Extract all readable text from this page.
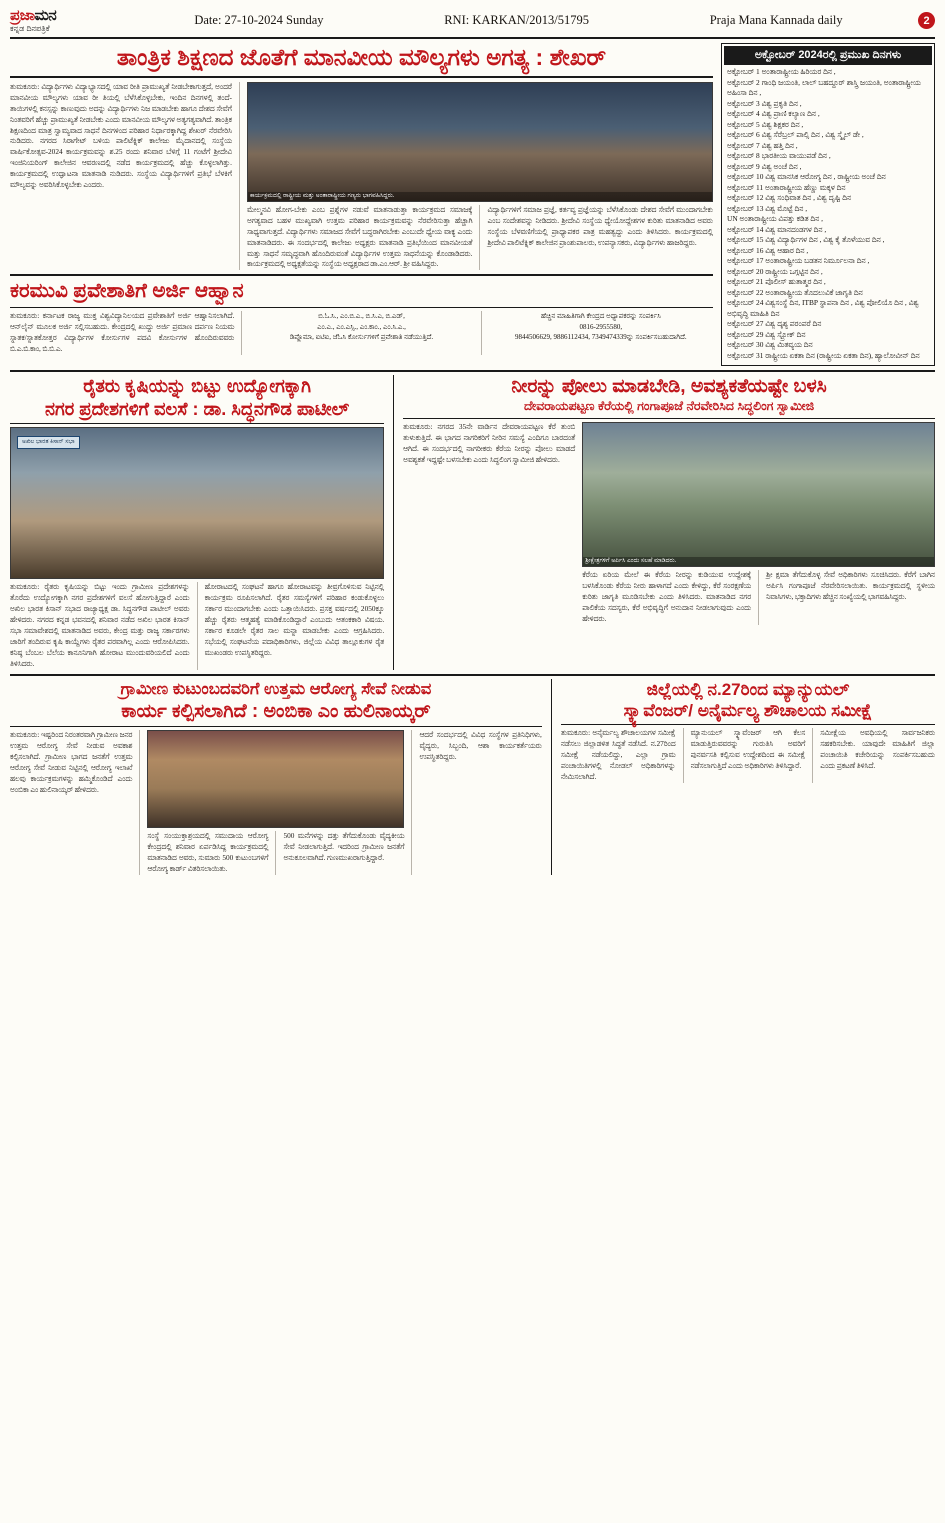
ಪ್ರಜಾಮನ
ಕನ್ನಡ ದಿನಪತ್ರಿಕೆ
Date: 27-10-2024 Sunday	RNI: KARKAN/2013/51795	Praja Mana Kannada daily	2
ತಾಂತ್ರಿಕ ಶಿಕ್ಷಣದ ಜೊತೆಗೆ ಮಾನವೀಯ ಮೌಲ್ಯಗಳು ಅಗತ್ಯ : ಶೇಖರ್
ತುಮಕೂರು: ವಿದ್ಯಾರ್ಥಿಗಳು ವಿದ್ಯಾಭ್ಯಾಸದಲ್ಲಿ ಯಾವ ರೀತಿ ಪ್ರಾಮುಖ್ಯತೆ ನೀಡಬೇಕಾಗುತ್ತದೆ, ಅಂದರೆ ಮಾನವೀಯ ಮೌಲ್ಯಗಳು ಯಾವ ರೀ ತಿಯಲ್ಲಿ ಬೆಳೆಸಿಕೊಳ್ಳಬೇಕು, ಇಂದಿನ ದಿನಗಳಲ್ಲಿ ತಂದೆ- ತಾಯಿಗಳಲ್ಲಿ ಕನಸ್ಸನ್ನು ಕಾಣುವುದು ಅದನ್ನು ವಿದ್ಯಾರ್ಥಿಗಳು ನಿಜ ಮಾಡಬೇಕು ಹಾಗೂ ದೇಶದ ಸೇವೆಗೆ ನಿಂತವರಿಗೆ ಹೆಚ್ಚು ಪ್ರಾಮುಖ್ಯತೆ ನೀಡಬೇಕು ಎಂದು ಮಾನವೀಯ ಮೌಲ್ಯಗಳ ಅತ್ಯಗತ್ಯವಾಗಿದೆ. ತಾಂತ್ರಿಕ ಶಿಕ್ಷಣದಿಂದ ಮಾತ್ರ ಸ್ವಾಮ್ಯವಾದ ಸಾಧನೆ ದಿನಗಳಿಂದ ಪರಿಹಾರ ನಿರ್ಧಾರಕ್ಕಾಗಿದ್ದ ಶೇಖರ್ ನೆರವೇರಿಸಿ ನುಡಿದರು. ನಗರದ ಸಿರಾಗೇಟ್ ಬಳಿಯ ಪಾಲಿಟೆಕ್ನಿಕ್ ಕಾಲೇಜು ಮೈದಾನದಲ್ಲಿ ಸಂಸ್ಥೆಯ ವಾರ್ಷಿಕೋತ್ಸವ-2024 ಕಾರ್ಯಕ್ರಮವನ್ನು ಶ.25 ರಂದು ಶನಿವಾರ ಬೆಳಿಗ್ಗೆ 11 ಗಂಟೆಗೆ ಶ್ರೀದೇವಿ ಇಂಜಿನಿಯರಿಂಗ್ ಕಾಲೇಜಿನ ಆವರಣದಲ್ಲಿ ನಡೆದ ಕಾರ್ಯಕ್ರಮದಲ್ಲಿ ಹೆಚ್ಚು ಕೊಳ್ಳಲಾಗಿತ್ತು. ಕಾರ್ಯಕ್ರಮದಲ್ಲಿ ಉದ್ಘಾಟನಾ ಮಾತನಾಡಿ ನುಡಿದರು. ಸಂಸ್ಥೆಯ ವಿದ್ಯಾರ್ಥಿಗಳಿಗೆ ಪ್ರತಿಭೆ ಬೆಳಕಿಗೆ ಮೌಲ್ಯವನ್ನು ಅವರಿಸಿಕೊಳ್ಳಬೇಕು ಎಂದರು.
ಕಾರ್ಯಕ್ರಮದಲ್ಲಿ ರಾಷ್ಟ್ರೀಯ ಮತ್ತು ಅಂತಾರಾಷ್ಟ್ರೀಯ ಗಣ್ಯರು ಭಾಗವಹಿಸಿದ್ದರು.
ಮೇಲ್ಮನವಿ ಹೋಗ-ಬೇಕು ಎಂಬ ಪ್ರಶ್ನೆಗಳ ನಡುವೆ ಮಾತನಾಡುತ್ತಾ ಕಾರ್ಯಕ್ರಮದ ಸಮಾಜಕ್ಕೆ ಅಗತ್ಯವಾದ ಬಹಳ ಮುಖ್ಯವಾಗಿ ಉತ್ತಮ ಪರಿಹಾರ ಕಾರ್ಯಕ್ರಮವನ್ನು ನೆರವೇರಿಸುತ್ತಾ ಹೆಚ್ಚಾಗಿ ಸಾಧ್ಯವಾಗುತ್ತದೆ. ವಿದ್ಯಾರ್ಥಿಗಳು ಸಮಾಜದ ಸೇವೆಗೆ ಬದ್ಧರಾಗಿರಬೇಕು ಎಂಬುದೇ ಧ್ಯೇಯ ವಾಕ್ಯ ಎಂದು ಮಾತನಾಡಿದರು. ಈ ಸಂದರ್ಭದಲ್ಲಿ ಕಾಲೇಜು ಅಧ್ಯಕ್ಷರು ಮಾತನಾಡಿ ಪ್ರತಿಭೆಯಿಂದ ಮಾನವೀಯತೆ ಮತ್ತು ಸಾಧನೆ ಸಮೃದ್ಧವಾಗಿ ಹೊಂದಿರುವಂತೆ ವಿದ್ಯಾರ್ಥಿಗಳ ಉತ್ತಮ ಸಾಧನೆಯನ್ನು ಕೊಂಡಾಡಿದರು. ಕಾರ್ಯಕ್ರಮದಲ್ಲಿ ಅಧ್ಯಕ್ಷತೆಯನ್ನು ಸಂಸ್ಥೆಯ ಅಧ್ಯಕ್ಷರಾದ ಡಾ.ಎಂ.ಆರ್. ಶ್ರೀ ವಹಿಸಿದ್ದರು.
ವಿದ್ಯಾರ್ಥಿಗಳಿಗೆ ಸಮಾಜ ಪ್ರಜ್ಞೆ, ಕರ್ತವ್ಯ ಪ್ರಜ್ಞೆಯನ್ನು ಬೆಳೆಸಿಕೊಂಡು ದೇಶದ ಸೇವೆಗೆ ಮುಂದಾಗಬೇಕು ಎಂಬ ಸಂದೇಶವನ್ನು ನೀಡಿದರು. ಶ್ರೀದೇವಿ ಸಂಸ್ಥೆಯ ಧ್ಯೇಯೋದ್ದೇಶಗಳ ಕುರಿತು ಮಾತನಾಡಿದ ಅವರು ಸಂಸ್ಥೆಯ ಬೆಳವಣಿಗೆಯಲ್ಲಿ ಪ್ರಾಧ್ಯಾಪಕರ ಪಾತ್ರ ಮಹತ್ವದ್ದು ಎಂದು ತಿಳಿಸಿದರು. ಕಾರ್ಯಕ್ರಮದಲ್ಲಿ ಶ್ರೀದೇವಿ ಪಾಲಿಟೆಕ್ನಿಕ್ ಕಾಲೇಜಿನ ಪ್ರಾಂಶುಪಾಲರು, ಉಪನ್ಯಾಸಕರು, ವಿದ್ಯಾರ್ಥಿಗಳು ಹಾಜರಿದ್ದರು.
ಕರಮುವಿ ಪ್ರವೇಶಾತಿಗೆ ಅರ್ಜಿ ಆಹ್ವಾನ
ತುಮಕೂರು: ಕರ್ನಾಟಕ ರಾಜ್ಯ ಮುಕ್ತ ವಿಶ್ವವಿದ್ಯಾನಿಲಯದ ಪ್ರವೇಶಾತಿಗೆ ಅರ್ಜಿ ಆಹ್ವಾನಿಸಲಾಗಿದೆ. ಆನ್‌ಲೈನ್ ಮೂಲಕ ಅರ್ಜಿ ಸಲ್ಲಿಸಬಹುದು. ಕೇಂದ್ರದಲ್ಲಿ ಖುದ್ದು ಅರ್ಜಿ ಪ್ರಮಾಣ ದರ್ಪಣ ನಿಯಮ ಸ್ನಾತಕ/ಸ್ನಾತಕೋತ್ತರ ವಿದ್ಯಾರ್ಥಿಗಳ ಕೋರ್ಸುಗಳ ಪದವಿ ಕೋರ್ಸುಗಳ ಹೊಂದಿರುವವರು ಬಿ.ಎ.ಬಿ.ಕಾಂ, ಬಿ.ಬಿ.ಎ.
ಬಿ.ಓ.ಸಿ., ಎಂ.ಬಿ.ಎ., ಬಿ.ಸಿ.ಎ, ಬಿ.ಎಡ್,
ಎಂ.ಎ., ಎಂ.ಎಸ್ಸಿ., ಎಂ.ಕಾಂ., ಎಂ.ಸಿ.ಎ.,
ಡಿಪ್ಲೊಮಾ, ಐಟಿಐ, ಜೆಓಸಿ ಕೋರ್ಸುಗಳಿಗೆ ಪ್ರವೇಶಾತಿ ನಡೆಯುತ್ತಿದೆ.
ಹೆಚ್ಚಿನ ಮಾಹಿತಿಗಾಗಿ ಕೇಂದ್ರದ ಅಧ್ಯಾಪಕರನ್ನು ಸಂಪರ್ಕಿಸಿ
0816-2955580,
9844506629, 9886112434, 7349474339ನ್ನು ಸಂಪರ್ಕಿಸಬಹುದಾಗಿದೆ.
ಅಕ್ಟೋಬರ್ 2024ರಲ್ಲಿ ಪ್ರಮುಖ ದಿನಗಳು
ಅಕ್ಟೋಬರ್ 1 ಅಂತಾರಾಷ್ಟ್ರೀಯ ಹಿರಿಯರ ದಿನ ,
ಅಕ್ಟೋಬರ್ 2 ಗಾಂಧಿ ಜಯಂತಿ, ಲಾಲ್ ಬಹದ್ದೂರ್ ಶಾಸ್ತ್ರಿ ಜಯಂತಿ, ಅಂತಾರಾಷ್ಟ್ರೀಯ ಅಹಿಂಸಾ ದಿನ ,
ಅಕ್ಟೋಬರ್ 3 ವಿಶ್ವ ಪ್ರಕೃತಿ ದಿನ ,
ಅಕ್ಟೋಬರ್ 4 ವಿಶ್ವ ಪ್ರಾಣಿ ಕಲ್ಯಾಣ ದಿನ ,
ಅಕ್ಟೋಬರ್ 5 ವಿಶ್ವ ಶಿಕ್ಷಕರ ದಿನ ,
ಅಕ್ಟೋಬರ್ 6 ವಿಶ್ವ ಸೆರೆಬ್ರಲ್ ಪಾಲ್ಸಿ ದಿನ , ವಿಶ್ವ ಸ್ಮೈಲ್ ಡೇ ,
ಅಕ್ಟೋಬರ್ 7 ವಿಶ್ವ ಹತ್ತಿ ದಿನ ,
ಅಕ್ಟೋಬರ್ 8 ಭಾರತೀಯ ವಾಯುಪಡೆ ದಿನ ,
ಅಕ್ಟೋಬರ್ 9 ವಿಶ್ವ ಅಂಚೆ ದಿನ ,
ಅಕ್ಟೋಬರ್ 10 ವಿಶ್ವ ಮಾನಸಿಕ ಆರೋಗ್ಯ ದಿನ , ರಾಷ್ಟ್ರೀಯ ಅಂಚೆ ದಿನ
ಅಕ್ಟೋಬರ್ 11 ಅಂತಾರಾಷ್ಟ್ರೀಯ ಹೆಣ್ಣು ಮಕ್ಕಳ ದಿನ
ಅಕ್ಟೋಬರ್ 12 ವಿಶ್ವ ಸಂಧಿವಾತ ದಿನ , ವಿಶ್ವ ದೃಷ್ಟಿ ದಿನ
ಅಕ್ಟೋಬರ್ 13 ವಿಶ್ವ ಮೊಟ್ಟೆ ದಿನ ,
UN ಅಂತಾರಾಷ್ಟ್ರೀಯ ವಿಪತ್ತು ಕಡಿತ ದಿನ ,
ಅಕ್ಟೋಬರ್ 14 ವಿಶ್ವ ಮಾನದಂಡಗಳ ದಿನ ,
ಅಕ್ಟೋಬರ್ 15 ವಿಶ್ವ ವಿದ್ಯಾರ್ಥಿಗಳ ದಿನ , ವಿಶ್ವ ಕೈ ತೊಳೆಯುವ ದಿನ ,
ಅಕ್ಟೋಬರ್ 16 ವಿಶ್ವ ಆಹಾರ ದಿನ ,
ಅಕ್ಟೋಬರ್ 17 ಅಂತಾರಾಷ್ಟ್ರೀಯ ಬಡತನ ನಿರ್ಮೂಲನಾ ದಿನ ,
ಅಕ್ಟೋಬರ್ 20 ರಾಷ್ಟ್ರೀಯ ಒಗ್ಗಟ್ಟಿನ ದಿನ ,
ಅಕ್ಟೋಬರ್ 21 ಪೊಲೀಸ್ ಹುತಾತ್ಮರ ದಿನ ,
ಅಕ್ಟೋಬರ್ 22 ಅಂತಾರಾಷ್ಟ್ರೀಯ ತೊದಲುವಿಕೆ ಜಾಗೃತಿ ದಿನ
ಅಕ್ಟೋಬರ್ 24 ವಿಶ್ವಸಂಸ್ಥೆ ದಿನ, ITBP ಸ್ಥಾಪನಾ ದಿನ , ವಿಶ್ವ ಪೋಲಿಯೊ ದಿನ , ವಿಶ್ವ ಅಭಿವೃದ್ಧಿ ಮಾಹಿತಿ ದಿನ
ಅಕ್ಟೋಬರ್ 27 ವಿಶ್ವ ದೃಶ್ಯ ಪರಂಪರೆ ದಿನ
ಅಕ್ಟೋಬರ್ 29 ವಿಶ್ವ ಸ್ಟ್ರೋಕ್ ದಿನ
ಅಕ್ಟೋಬರ್ 30 ವಿಶ್ವ ಮಿತವ್ಯಯ ದಿನ
ಅಕ್ಟೋಬರ್ 31 ರಾಷ್ಟ್ರೀಯ ಏಕತಾ ದಿನ (ರಾಷ್ಟ್ರೀಯ ಏಕತಾ ದಿನ), ಹ್ಯಾಲೋವೀನ್ ದಿನ
ರೈತರು ಕೃಷಿಯನ್ನು ಬಿಟ್ಟು ಉದ್ಯೋಗಕ್ಕಾಗಿ
ನಗರ ಪ್ರದೇಶಗಳಿಗೆ ವಲಸೆ : ಡಾ. ಸಿದ್ಧನಗೌಡ ಪಾಟೀಲ್
ಅಖಿಲ ಭಾರತ ಕಿಸಾನ್ ಸಭಾ
ತುಮಕೂರು: ರೈತರು ಕೃಷಿಯನ್ನು ಬಿಟ್ಟು ಇಂದು ಗ್ರಾಮೀಣ ಪ್ರದೇಶಗಳನ್ನು ತೊರೆದು ಉದ್ಯೋಗಕ್ಕಾಗಿ ನಗರ ಪ್ರದೇಶಗಳಿಗೆ ವಲಸೆ ಹೋಗುತ್ತಿದ್ದಾರೆ ಎಂದು ಅಖಿಲ ಭಾರತ ಕಿಸಾನ್ ಸಭಾದ ರಾಜ್ಯಾಧ್ಯಕ್ಷ ಡಾ. ಸಿದ್ಧನಗೌಡ ಪಾಟೀಲ್ ಅವರು ಹೇಳಿದರು. ನಗರದ ಕನ್ನಡ ಭವನದಲ್ಲಿ ಶನಿವಾರ ನಡೆದ ಅಖಿಲ ಭಾರತ ಕಿಸಾನ್ ಸಭಾ ಸಮಾವೇಶದಲ್ಲಿ ಮಾತನಾಡಿದ ಅವರು, ಕೇಂದ್ರ ಮತ್ತು ರಾಜ್ಯ ಸರ್ಕಾರಗಳು ಜಾರಿಗೆ ತಂದಿರುವ ಕೃಷಿ ಕಾಯ್ದೆಗಳು ರೈತರ ಪರವಾಗಿಲ್ಲ ಎಂದು ಆರೋಪಿಸಿದರು. ಕನಿಷ್ಠ ಬೆಂಬಲ ಬೆಲೆಯ ಕಾನೂನಿಗಾಗಿ ಹೋರಾಟ ಮುಂದುವರಿಯಲಿದೆ ಎಂದು ತಿಳಿಸಿದರು.
ಹೋರಾಟದಲ್ಲಿ ಸಂಘಟನೆ ಹಾಗೂ ಹೋರಾಟವನ್ನು ತೀವ್ರಗೊಳಿಸುವ ನಿಟ್ಟಿನಲ್ಲಿ ಕಾರ್ಯಕ್ರಮ ರೂಪಿಸಲಾಗಿದೆ. ರೈತರ ಸಮಸ್ಯೆಗಳಿಗೆ ಪರಿಹಾರ ಕಂಡುಕೊಳ್ಳಲು ಸರ್ಕಾರ ಮುಂದಾಗಬೇಕು ಎಂದು ಒತ್ತಾಯಿಸಿದರು. ಪ್ರಸಕ್ತ ವರ್ಷದಲ್ಲಿ 2050ಕ್ಕೂ ಹೆಚ್ಚು ರೈತರು ಆತ್ಮಹತ್ಯೆ ಮಾಡಿಕೊಂಡಿದ್ದಾರೆ ಎಂಬುದು ಆತಂಕಕಾರಿ ವಿಷಯ. ಸರ್ಕಾರ ಕೂಡಲೇ ರೈತರ ಸಾಲ ಮನ್ನಾ ಮಾಡಬೇಕು ಎಂದು ಆಗ್ರಹಿಸಿದರು. ಸಭೆಯಲ್ಲಿ ಸಂಘಟನೆಯ ಪದಾಧಿಕಾರಿಗಳು, ಜಿಲ್ಲೆಯ ವಿವಿಧ ತಾಲ್ಲೂಕುಗಳ ರೈತ ಮುಖಂಡರು ಉಪಸ್ಥಿತರಿದ್ದರು.
ನೀರನ್ನು ಪೋಲು ಮಾಡಬೇಡಿ, ಅವಶ್ಯಕತೆಯಷ್ಟೇ ಬಳಸಿ
ದೇವರಾಯಪಟ್ಟಣ ಕೆರೆಯಲ್ಲಿ ಗಂಗಾಪೂಜೆ ನೆರವೇರಿಸಿದ ಸಿದ್ಧಲಿಂಗ ಸ್ವಾಮೀಜಿ
ತುಮಕೂರು: ನಗರದ 35ನೇ ವಾರ್ಡಿನ ದೇವರಾಯಪಟ್ಟಣ ಕೆರೆ ತುಂಬಿ ತುಳುಕುತ್ತಿದೆ. ಈ ಭಾಗದ ನಾಗರಿಕರಿಗೆ ನೀರಿನ ಸಮಸ್ಯೆ ಎಂದಿಗೂ ಬಾರದಂತೆ ಆಗಿದೆ. ಈ ಸಂದರ್ಭದಲ್ಲಿ ನಾಗರೀಕರು ಕೆರೆಯ ನೀರನ್ನು ಪೋಲು ಮಾಡದೆ ಅವಶ್ಯಕತೆ ಇದ್ದಷ್ಟೇ ಬಳಸಬೇಕು ಎಂದು ಸಿದ್ಧಲಿಂಗ ಸ್ವಾಮೀಜಿ ಹೇಳಿದರು.
ಶ್ರೀಕ್ಷೇತ್ರಗಳಿಗೆ ಅರ್ಪಿಸಿ ಎಂದು ಸಲಹೆ ಮಾಡಿದರು.
ಕೆರೆಯ ಏರಿಯ ಮೇಲೆ ಈ ಕೆರೆಯ ನೀರನ್ನು ಕುಡಿಯುವ ಉದ್ದೇಶಕ್ಕೆ ಬಳಸಿಕೊಂಡು ಕೆರೆಯ ನೀರು ಹಾಳಾಗದೆ ಎಂದು ಕೇಳಿದ್ದು, ಕೆರೆ ಸಂರಕ್ಷಣೆಯ ಕುರಿತು ಜಾಗೃತಿ ಮೂಡಿಸಬೇಕು ಎಂದು ತಿಳಿಸಿದರು. ಮಾತನಾಡಿದ ನಗರ ಪಾಲಿಕೆಯ ಸದಸ್ಯರು, ಕೆರೆ ಅಭಿವೃದ್ಧಿಗೆ ಅನುದಾನ ನೀಡಲಾಗುವುದು ಎಂದು ಹೇಳಿದರು.
ಶ್ರೀ ಕ್ಷಮಾ ತೆಗೆದುಕೊಳ್ಳ ಸೇವೆ ಅಧಿಕಾರಿಗಳು ಸೂಚಿಸಿದರು. ಕೆರೆಗೆ ಬಾಗಿನ ಅರ್ಪಿಸಿ ಗಂಗಾಪೂಜೆ ನೆರವೇರಿಸಲಾಯಿತು. ಕಾರ್ಯಕ್ರಮದಲ್ಲಿ ಸ್ಥಳೀಯ ನಿವಾಸಿಗಳು, ಭಕ್ತಾದಿಗಳು ಹೆಚ್ಚಿನ ಸಂಖ್ಯೆಯಲ್ಲಿ ಭಾಗವಹಿಸಿದ್ದರು.
ಗ್ರಾಮೀಣ ಕುಟುಂಬದವರಿಗೆ ಉತ್ತಮ ಆರೋಗ್ಯ ಸೇವೆ ನೀಡುವ
ಕಾರ್ಯ ಕಲ್ಪಿಸಲಾಗಿದೆ : ಅಂಬಿಕಾ ಎಂ ಹುಲಿನಾಯ್ಕರ್
ತುಮಕೂರು: ಇಷ್ಟರಿಂದ ನಿರಂತರವಾಗಿ ಗ್ರಾಮೀಣ ಜನರ ಉತ್ತಮ ಆರೋಗ್ಯ ಸೇವೆ ನೀಡುವ ಅವಕಾಶ ಕಲ್ಪಿಸಲಾಗಿದೆ. ಗ್ರಾಮೀಣ ಭಾಗದ ಜನತೆಗೆ ಉತ್ತಮ ಆರೋಗ್ಯ ಸೇವೆ ನೀಡುವ ನಿಟ್ಟಿನಲ್ಲಿ ಆರೋಗ್ಯ ಇಲಾಖೆ ಹಲವು ಕಾರ್ಯಕ್ರಮಗಳನ್ನು ಹಮ್ಮಿಕೊಂಡಿದೆ ಎಂದು ಅಂಬಿಕಾ ಎಂ ಹುಲಿನಾಯ್ಕರ್ ಹೇಳಿದರು.
ಸಂಸ್ಥೆ ಸಂಯುಕ್ತಾಶ್ರಯದಲ್ಲಿ ಸಮುದಾಯ ಆರೋಗ್ಯ ಕೇಂದ್ರದಲ್ಲಿ ಶನಿವಾರ ಏರ್ಪಡಿಸಿದ್ದ ಕಾರ್ಯಕ್ರಮದಲ್ಲಿ ಮಾತನಾಡಿದ ಅವರು, ಸುಮಾರು 500 ಕುಟುಂಬಗಳಿಗೆ ಆರೋಗ್ಯ ಕಾರ್ಡ್ ವಿತರಿಸಲಾಯಿತು.
500 ಮನೆಗಳನ್ನು ದತ್ತು ತೆಗೆದುಕೊಂಡು ವೈದ್ಯಕೀಯ ಸೇವೆ ನೀಡಲಾಗುತ್ತಿದೆ. ಇದರಿಂದ ಗ್ರಾಮೀಣ ಜನತೆಗೆ ಅನುಕೂಲವಾಗಿದೆ. ಗುಣಮುಖರಾಗುತ್ತಿದ್ದಾರೆ.
ಆದರೆ ಸಂದರ್ಭದಲ್ಲಿ ವಿವಿಧ ಸಂಸ್ಥೆಗಳ ಪ್ರತಿನಿಧಿಗಳು, ವೈದ್ಯರು, ಸಿಬ್ಬಂದಿ, ಆಶಾ ಕಾರ್ಯಕರ್ತೆಯರು ಉಪಸ್ಥಿತರಿದ್ದರು.
ಜಿಲ್ಲೆಯಲ್ಲಿ ನ.27ರಿಂದ ಮ್ಯಾನ್ಯುಯಲ್
ಸ್ಕ್ಯಾವೆಂಜರ್/ ಅನೈರ್ಮಲ್ಯ ಶೌಚಾಲಯ ಸಮೀಕ್ಷೆ
ತುಮಕೂರು: ಅನೈರ್ಮಲ್ಯ ಶೌಚಾಲಯಗಳ ಸಮೀಕ್ಷೆ ನಡೆಸಲು ಜಿಲ್ಲಾಡಳಿತ ಸಿದ್ಧತೆ ನಡೆಸಿದೆ. ನ.27ರಿಂದ ಸಮೀಕ್ಷೆ ನಡೆಯಲಿದ್ದು, ಎಲ್ಲಾ ಗ್ರಾಮ ಪಂಚಾಯಿತಿಗಳಲ್ಲಿ ನೋಡಲ್ ಅಧಿಕಾರಿಗಳನ್ನು ನೇಮಿಸಲಾಗಿದೆ.
ಮ್ಯಾನುಯಲ್ ಸ್ಕ್ಯಾವೆಂಜರ್ ಆಗಿ ಕೆಲಸ ಮಾಡುತ್ತಿರುವವರನ್ನು ಗುರುತಿಸಿ ಅವರಿಗೆ ಪುನರ್ವಸತಿ ಕಲ್ಪಿಸುವ ಉದ್ದೇಶದಿಂದ ಈ ಸಮೀಕ್ಷೆ ನಡೆಸಲಾಗುತ್ತಿದೆ ಎಂದು ಅಧಿಕಾರಿಗಳು ತಿಳಿಸಿದ್ದಾರೆ.
ಸಮೀಕ್ಷೆಯ ಅವಧಿಯಲ್ಲಿ ಸಾರ್ವಜನಿಕರು ಸಹಕರಿಸಬೇಕು. ಯಾವುದೇ ಮಾಹಿತಿಗೆ ಜಿಲ್ಲಾ ಪಂಚಾಯಿತಿ ಕಚೇರಿಯನ್ನು ಸಂಪರ್ಕಿಸಬಹುದು ಎಂದು ಪ್ರಕಟಣೆ ತಿಳಿಸಿದೆ.
